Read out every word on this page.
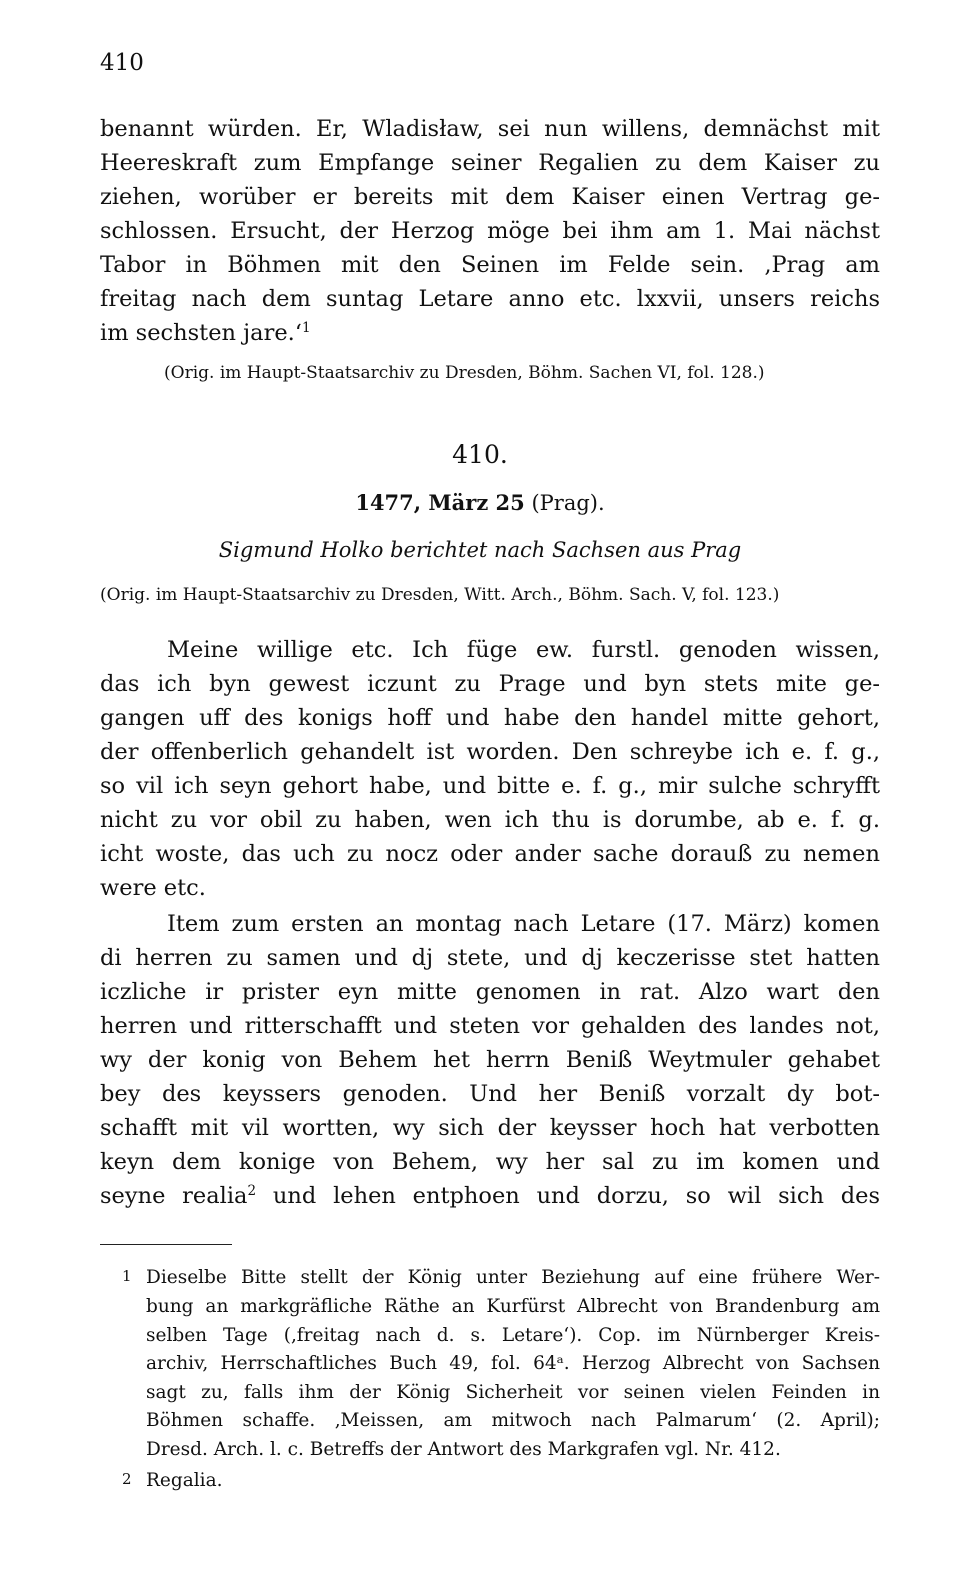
410
benannt würden. Er, Wladisław, sei nun willens, demnächst mit
Heereskraft zum Empfange seiner Regalien zu dem Kaiser zu
ziehen, worüber er bereits mit dem Kaiser einen Vertrag ge-
schlossen. Ersucht, der Herzog möge bei ihm am 1. Mai nächst
Tabor in Böhmen mit den Seinen im Felde sein. ‚Prag am
freitag nach dem suntag Letare anno etc. lxxvii, unsers reichs
im sechsten jare.‘$^1$
(Orig. im Haupt-Staatsarchiv zu Dresden, Böhm. Sachen VI, fol. 128.)
410.
1477, März 25 (Prag).
Sigmund Holko berichtet nach Sachsen aus Prag
(Orig. im Haupt-Staatsarchiv zu Dresden, Witt. Arch., Böhm. Sach. V, fol. 123.)
Meine willige etc. Ich füge ew. furstl. genoden wissen,
das ich byn gewest iczunt zu Prage und byn stets mite ge-
gangen uff des konigs hoff und habe den handel mitte gehort,
der offenberlich gehandelt ist worden. Den schreybe ich e. f. g.,
so vil ich seyn gehort habe, und bitte e. f. g., mir sulche schryfft
nicht zu vor obil zu haben, wen ich thu is dorumbe, ab e. f. g.
icht woste, das uch zu nocz oder ander sache dorauß zu nemen
were etc.
Item zum ersten an montag nach Letare (17. März) komen
di herren zu samen und dj stete, und dj keczerisse stet hatten
iczliche ir prister eyn mitte genomen in rat. Alzo wart den
herren und ritterschafft und steten vor gehalden des landes not,
wy der konig von Behem het herrn Benіß Weytmuler gehabet
bey des keyssers genoden. Und her Beniß vorzalt dy bot-
schafft mit vil wortten, wy sich der keysser hoch hat verbotten
keyn dem konige von Behem, wy her sal zu im komen und
seyne realia$^2$ und lehen entphoen und dorzu, so wil sich des
1 Dieselbe Bitte stellt der König unter Beziehung auf eine frühere Wer-
bung an markgräfliche Räthe an Kurfürst Albrecht von Brandenburg am
selben Tage (‚freitag nach d. s. Letare‘). Cop. im Nürnberger Kreis-
archiv, Herrschaftliches Buch 49, fol. 64ᵃ. Herzog Albrecht von Sachsen
sagt zu, falls ihm der König Sicherheit vor seinen vielen Feinden in
Böhmen schaffe. ‚Meissen, am mitwoch nach Palmarum‘ (2. April);
Dresd. Arch. l. c. Betreffs der Antwort des Markgrafen vgl. Nr. 412.
2 Regalia.
